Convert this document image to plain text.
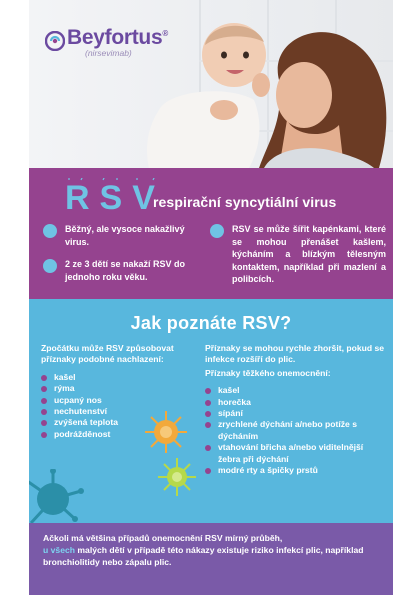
Beyfortus®
(nirsevimab)
RSV
respirační syncytiální virus
Běžný, ale vysoce nakažlivý virus.
2 ze 3 dětí se nakaží RSV do jednoho roku věku.
RSV se může šířit kapénkami, které se mohou přenášet kašlem, kýcháním a blízkým tělesným kontaktem, například při mazlení a polibcích.
Jak poznáte RSV?
Zpočátku může RSV způsobovat příznaky podobné nachlazení:
kašel
rýma
ucpaný nos
nechutenství
zvýšená teplota
podrážděnost
Příznaky se mohou rychle zhoršit, pokud se infekce rozšíří do plic.
Příznaky těžkého onemocnění:
kašel
horečka
sípání
zrychlené dýchání a/nebo potíže s dýcháním
vtahování břicha a/nebo viditelnější žebra při dýchání
modré rty a špičky prstů

Ačkoli má většina případů onemocnění RSV mírný průběh,
u všech malých dětí v případě této nákazy existuje riziko infekcí plic, například bronchiolitidy nebo zápalu plic.
